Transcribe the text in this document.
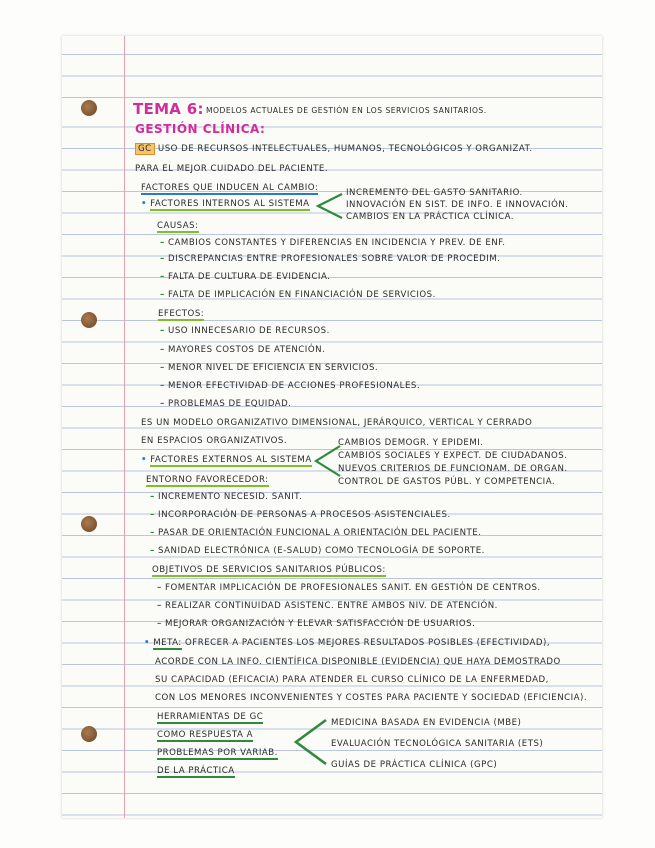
TEMA 6: MODELOS ACTUALES DE GESTIÓN EN LOS SERVICIOS SANITARIOS.
GESTIÓN CLÍNICA:
GC USO DE RECURSOS INTELECTUALES, HUMANOS, TECNOLÓGICOS Y ORGANIZAT.
PARA EL MEJOR CUIDADO DEL PACIENTE.
FACTORES QUE INDUCEN AL CAMBIO:
• FACTORES INTERNOS AL SISTEMA
INCREMENTO DEL GASTO SANITARIO.
INNOVACIÓN EN SIST. DE INFO. E INNOVACIÓN.
CAMBIOS EN LA PRÁCTICA CLÍNICA.
CAUSAS:
– CAMBIOS CONSTANTES Y DIFERENCIAS EN INCIDENCIA Y PREV. DE ENF.
– DISCREPANCIAS ENTRE PROFESIONALES SOBRE VALOR DE PROCEDIM.
– FALTA DE CULTURA DE EVIDENCIA.
– FALTA DE IMPLICACIÓN EN FINANCIACIÓN DE SERVICIOS.
EFECTOS:
– USO INNECESARIO DE RECURSOS.
– MAYORES COSTOS DE ATENCIÓN.
– MENOR NIVEL DE EFICIENCIA EN SERVICIOS.
– MENOR EFECTIVIDAD DE ACCIONES PROFESIONALES.
– PROBLEMAS DE EQUIDAD.
ES UN MODELO ORGANIZATIVO DIMENSIONAL, JERÁRQUICO, VERTICAL Y CERRADO
EN ESPACIOS ORGANIZATIVOS.
• FACTORES EXTERNOS AL SISTEMA
CAMBIOS DEMOGR. Y EPIDEMI.
CAMBIOS SOCIALES Y EXPECT. DE CIUDADANOS.
NUEVOS CRITERIOS DE FUNCIONAM. DE ORGAN.
CONTROL DE GASTOS PÚBL. Y COMPETENCIA.
ENTORNO FAVORECEDOR:
– INCREMENTO NECESID. SANIT.
– INCORPORACIÓN DE PERSONAS A PROCESOS ASISTENCIALES.
– PASAR DE ORIENTACIÓN FUNCIONAL A ORIENTACIÓN DEL PACIENTE.
– SANIDAD ELECTRÓNICA (E-SALUD) COMO TECNOLOGÍA DE SOPORTE.
OBJETIVOS DE SERVICIOS SANITARIOS PÚBLICOS:
– FOMENTAR IMPLICACIÓN DE PROFESIONALES SANIT. EN GESTIÓN DE CENTROS.
– REALIZAR CONTINUIDAD ASISTENC. ENTRE AMBOS NIV. DE ATENCIÓN.
– MEJORAR ORGANIZACIÓN Y ELEVAR SATISFACCIÓN DE USUARIOS.
• META: OFRECER A PACIENTES LOS MEJORES RESULTADOS POSIBLES (EFECTIVIDAD),
ACORDE CON LA INFO. CIENTÍFICA DISPONIBLE (EVIDENCIA) QUE HAYA DEMOSTRADO
SU CAPACIDAD (EFICACIA) PARA ATENDER EL CURSO CLÍNICO DE LA ENFERMEDAD,
CON LOS MENORES INCONVENIENTES Y COSTES PARA PACIENTE Y SOCIEDAD (EFICIENCIA).
HERRAMIENTAS DE GC
COMO RESPUESTA A
PROBLEMAS POR VARIAB.
DE LA PRÁCTICA
MEDICINA BASADA EN EVIDENCIA (MBE)
EVALUACIÓN TECNOLÓGICA SANITARIA (ETS)
GUÍAS DE PRÁCTICA CLÍNICA (GPC)
